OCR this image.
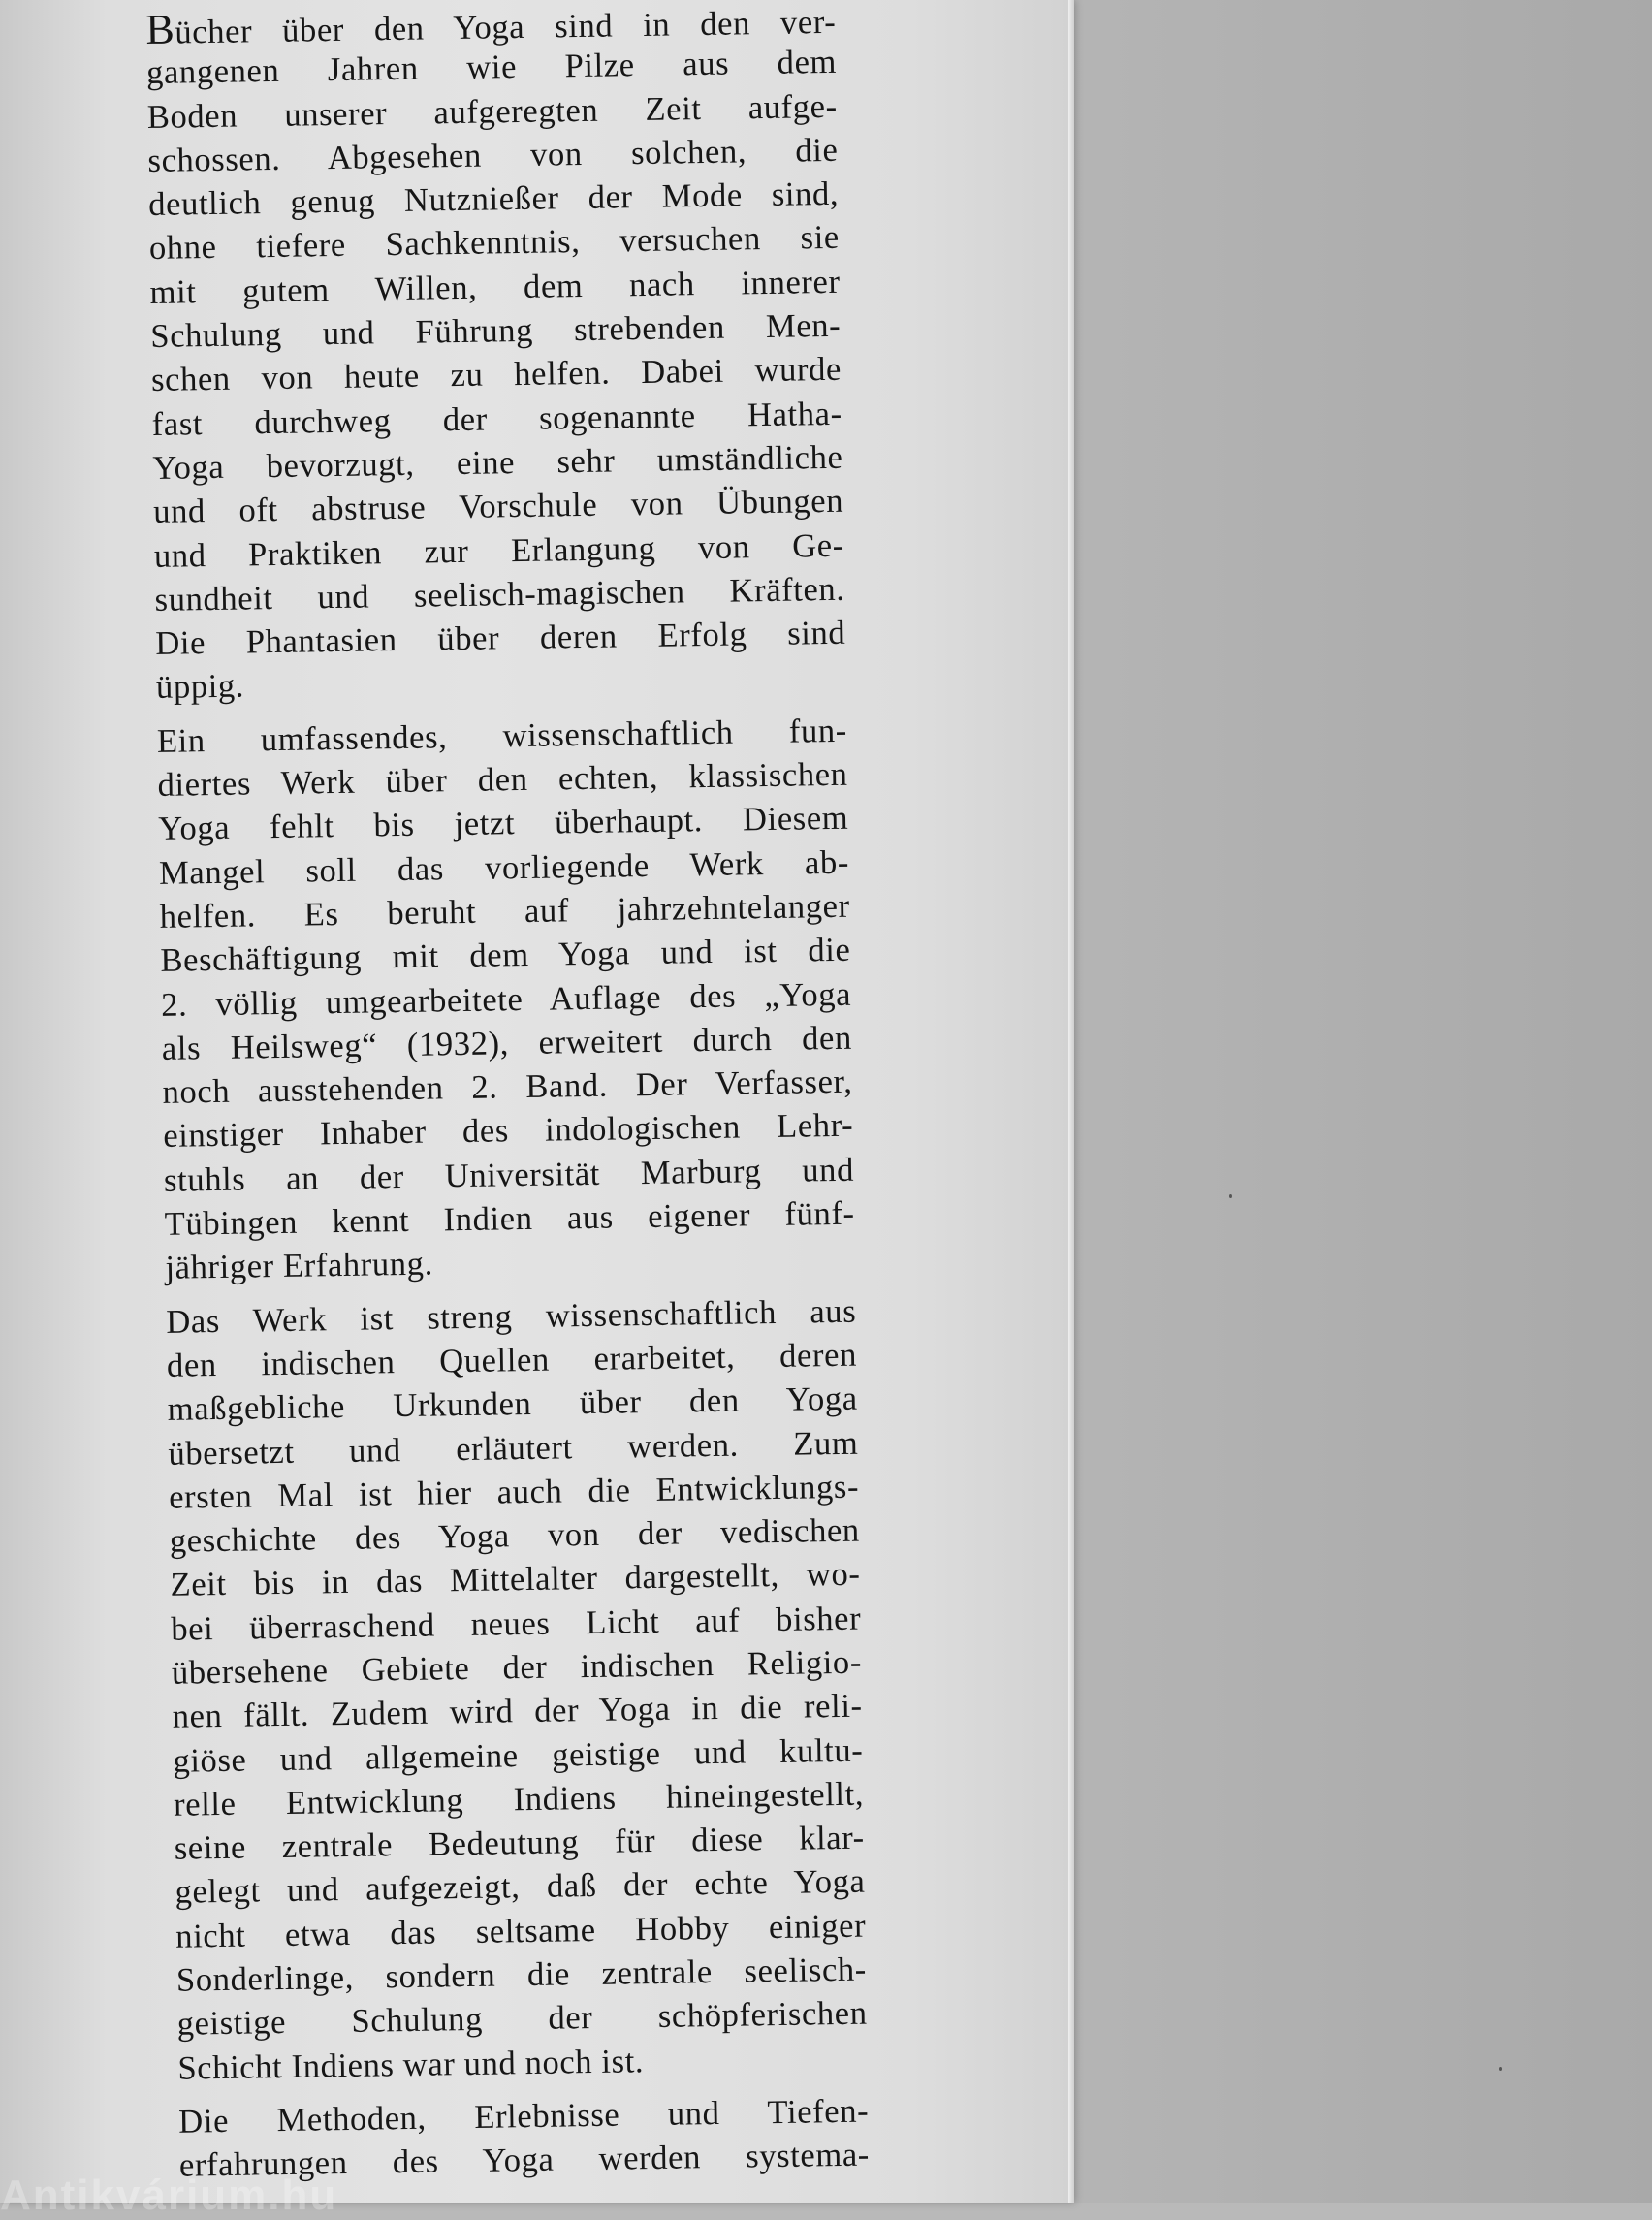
Bücher über den Yoga sind in den ver-
gangenen Jahren wie Pilze aus dem
Boden unserer aufgeregten Zeit aufge-
schossen. Abgesehen von solchen, die
deutlich genug Nutznießer der Mode sind,
ohne tiefere Sachkenntnis, versuchen sie
mit gutem Willen, dem nach innerer
Schulung und Führung strebenden Men-
schen von heute zu helfen. Dabei wurde
fast durchweg der sogenannte Hatha-
Yoga bevorzugt, eine sehr umständliche
und oft abstruse Vorschule von Übungen
und Praktiken zur Erlangung von Ge-
sundheit und seelisch-magischen Kräften.
Die Phantasien über deren Erfolg sind
üppig.
Ein umfassendes, wissenschaftlich fun-
diertes Werk über den echten, klassischen
Yoga fehlt bis jetzt überhaupt. Diesem
Mangel soll das vorliegende Werk ab-
helfen. Es beruht auf jahrzehntelanger
Beschäftigung mit dem Yoga und ist die
2. völlig umgearbeitete Auflage des „Yoga
als Heilsweg“ (1932), erweitert durch den
noch ausstehenden 2. Band. Der Verfasser,
einstiger Inhaber des indologischen Lehr-
stuhls an der Universität Marburg und
Tübingen kennt Indien aus eigener fünf-
jähriger Erfahrung.
Das Werk ist streng wissenschaftlich aus
den indischen Quellen erarbeitet, deren
maßgebliche Urkunden über den Yoga
übersetzt und erläutert werden. Zum
ersten Mal ist hier auch die Entwicklungs-
geschichte des Yoga von der vedischen
Zeit bis in das Mittelalter dargestellt, wo-
bei überraschend neues Licht auf bisher
übersehene Gebiete der indischen Religio-
nen fällt. Zudem wird der Yoga in die reli-
giöse und allgemeine geistige und kultu-
relle Entwicklung Indiens hineingestellt,
seine zentrale Bedeutung für diese klar-
gelegt und aufgezeigt, daß der echte Yoga
nicht etwa das seltsame Hobby einiger
Sonderlinge, sondern die zentrale seelisch-
geistige Schulung der schöpferischen
Schicht Indiens war und noch ist.
Die Methoden, Erlebnisse und Tiefen-
erfahrungen des Yoga werden systema-
Antikvárium.hu
